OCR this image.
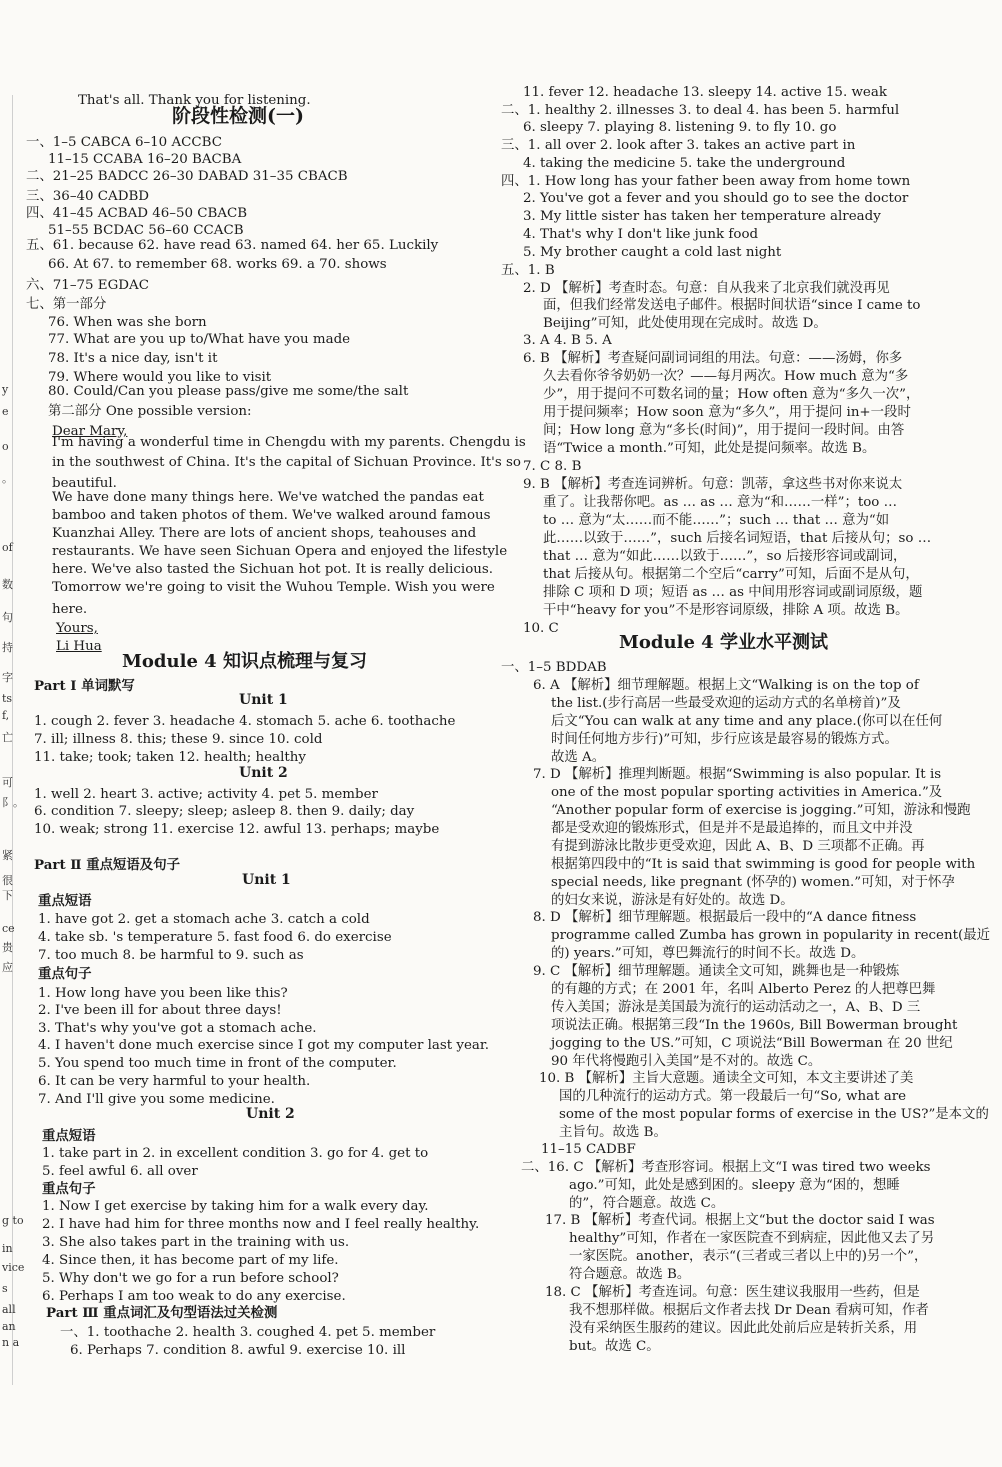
y
e
o
。
of
数
句
持
字
ts
f,
亡
可
阝。
紧
很
下
ce
贵
应
g to
in
vice
s
all
an
n a
That's all. Thank you for listening.
阶段性检测(一)
一、1–5 CABCA 6–10 ACCBC
11–15 CCABA 16–20 BACBA
二、21–25 BADCC 26–30 DABAD 31–35 CBACB
三、36–40 CADBD
四、41–45 ACBAD 46–50 CBACB
51–55 BCDAC 56–60 CCACB
五、61. because 62. have read 63. named 64. her 65. Luckily
66. At 67. to remember 68. works 69. a 70. shows
六、71–75 EGDAC
七、第一部分
76. When was she born
77. What are you up to/What have you made
78. It's a nice day, isn't it
79. Where would you like to visit
80. Could/Can you please pass/give me some/the salt
第二部分 One possible version:
Dear Mary,
I'm having a wonderful time in Chengdu with my parents. Chengdu is
in the southwest of China. It's the capital of Sichuan Province. It's so
beautiful.
We have done many things here. We've watched the pandas eat
bamboo and taken photos of them. We've walked around famous
Kuanzhai Alley. There are lots of ancient shops, teahouses and
restaurants. We have seen Sichuan Opera and enjoyed the lifestyle
here. We've also tasted the Sichuan hot pot. It is really delicious.
Tomorrow we're going to visit the Wuhou Temple. Wish you were
here.
Yours,
Li Hua
Module 4 知识点梳理与复习
Part Ⅰ 单词默写
Unit 1
1. cough 2. fever 3. headache 4. stomach 5. ache 6. toothache
7. ill; illness 8. this; these 9. since 10. cold
11. take; took; taken 12. health; healthy
Unit 2
1. well 2. heart 3. active; activity 4. pet 5. member
6. condition 7. sleepy; sleep; asleep 8. then 9. daily; day
10. weak; strong 11. exercise 12. awful 13. perhaps; maybe
Part Ⅱ 重点短语及句子
Unit 1
重点短语
1. have got 2. get a stomach ache 3. catch a cold
4. take sb. 's temperature 5. fast food 6. do exercise
7. too much 8. be harmful to 9. such as
重点句子
1. How long have you been like this?
2. I've been ill for about three days!
3. That's why you've got a stomach ache.
4. I haven't done much exercise since I got my computer last year.
5. You spend too much time in front of the computer.
6. It can be very harmful to your health.
7. And I'll give you some medicine.
Unit 2
重点短语
1. take part in 2. in excellent condition 3. go for 4. get to
5. feel awful 6. all over
重点句子
1. Now I get exercise by taking him for a walk every day.
2. I have had him for three months now and I feel really healthy.
3. She also takes part in the training with us.
4. Since then, it has become part of my life.
5. Why don't we go for a run before school?
6. Perhaps I am too weak to do any exercise.
Part Ⅲ 重点词汇及句型语法过关检测
一、1. toothache 2. health 3. coughed 4. pet 5. member
6. Perhaps 7. condition 8. awful 9. exercise 10. ill
11. fever 12. headache 13. sleepy 14. active 15. weak
二、1. healthy 2. illnesses 3. to deal 4. has been 5. harmful
6. sleepy 7. playing 8. listening 9. to fly 10. go
三、1. all over 2. look after 3. takes an active part in
4. taking the medicine 5. take the underground
四、1. How long has your father been away from home town
2. You've got a fever and you should go to see the doctor
3. My little sister has taken her temperature already
4. That's why I don't like junk food
5. My brother caught a cold last night
五、1. B
2. D 【解析】考查时态。句意：自从我来了北京我们就没再见
面，但我们经常发送电子邮件。根据时间状语“since I came to
Beijing”可知，此处使用现在完成时。故选 D。
3. A 4. B 5. A
6. B 【解析】考查疑问副词词组的用法。句意：——汤姆，你多
久去看你爷爷奶奶一次？——每月两次。How much 意为“多
少”，用于提问不可数名词的量；How often 意为“多久一次”，
用于提问频率；How soon 意为“多久”，用于提问 in+一段时
间；How long 意为“多长(时间)”，用于提问一段时间。由答
语“Twice a month.”可知，此处是提问频率。故选 B。
7. C 8. B
9. B 【解析】考查连词辨析。句意：凯蒂，拿这些书对你来说太
重了。让我帮你吧。as … as … 意为“和……一样”；too …
to … 意为“太……而不能……”；such … that … 意为“如
此……以致于……”，such 后接名词短语，that 后接从句；so …
that … 意为“如此……以致于……”，so 后接形容词或副词，
that 后接从句。根据第二个空后“carry”可知，后面不是从句，
排除 C 项和 D 项；短语 as … as 中间用形容词或副词原级，题
干中“heavy for you”不是形容词原级，排除 A 项。故选 B。
10. C
Module 4 学业水平测试
一、1–5 BDDAB
6. A 【解析】细节理解题。根据上文“Walking is on the top of
the list.(步行高居一些最受欢迎的运动方式的名单榜首)”及
后文“You can walk at any time and any place.(你可以在任何
时间任何地方步行)”可知，步行应该是最容易的锻炼方式。
故选 A。
7. D 【解析】推理判断题。根据“Swimming is also popular. It is
one of the most popular sporting activities in America.”及
“Another popular form of exercise is jogging.”可知，游泳和慢跑
都是受欢迎的锻炼形式，但是并不是最追捧的，而且文中并没
有提到游泳比散步更受欢迎，因此 A、B、D 三项都不正确。再
根据第四段中的“It is said that swimming is good for people with
special needs, like pregnant (怀孕的) women.”可知，对于怀孕
的妇女来说，游泳是有好处的。故选 D。
8. D 【解析】细节理解题。根据最后一段中的“A dance fitness
programme called Zumba has grown in popularity in recent(最近
的) years.”可知，尊巴舞流行的时间不长。故选 D。
9. C 【解析】细节理解题。通读全文可知，跳舞也是一种锻炼
的有趣的方式；在 2001 年，名叫 Alberto Perez 的人把尊巴舞
传入美国；游泳是美国最为流行的运动活动之一，A、B、D 三
项说法正确。根据第三段“In the 1960s, Bill Bowerman brought
jogging to the US.”可知，C 项说法“Bill Bowerman 在 20 世纪
90 年代将慢跑引入美国”是不对的。故选 C。
10. B 【解析】主旨大意题。通读全文可知，本文主要讲述了美
国的几种流行的运动方式。第一段最后一句“So, what are
some of the most popular forms of exercise in the US?”是本文的
主旨句。故选 B。
11–15 CADBF
二、16. C 【解析】考查形容词。根据上文“I was tired two weeks
ago.”可知，此处是感到困的。sleepy 意为“困的，想睡
的”，符合题意。故选 C。
17. B 【解析】考查代词。根据上文“but the doctor said I was
healthy”可知，作者在一家医院查不到病症，因此他又去了另
一家医院。another，表示“(三者或三者以上中的)另一个”，
符合题意。故选 B。
18. C 【解析】考查连词。句意：医生建议我服用一些药，但是
我不想那样做。根据后文作者去找 Dr Dean 看病可知，作者
没有采纳医生服药的建议。因此此处前后应是转折关系，用
but。故选 C。
